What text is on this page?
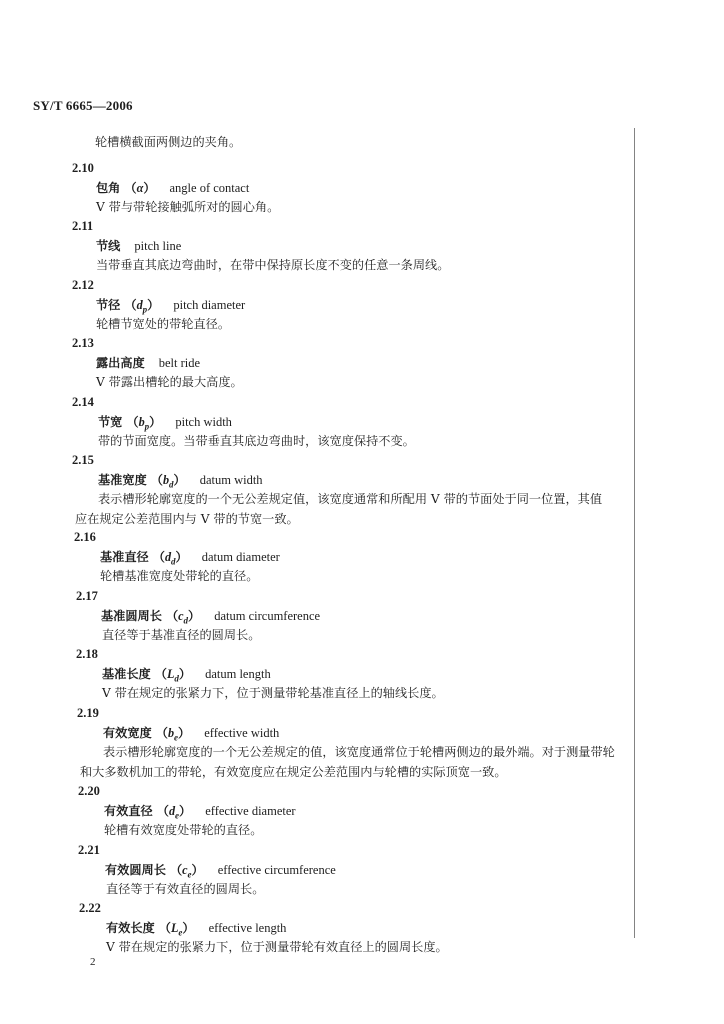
SY/T 6665—2006
轮槽横截面两侧边的夹角。
2.10
包角 （α） angle of contact
V 带与带轮接触弧所对的圆心角。
2.11
节线 pitch line
当带垂直其底边弯曲时，在带中保持原长度不变的任意一条周线。
2.12
节径 $(d_p)$ pitch diameter
轮槽节宽处的带轮直径。
2.13
露出高度 belt ride
V 带露出槽轮的最大高度。
2.14
节宽 $(b_p)$ pitch width
带的节面宽度。当带垂直其底边弯曲时，该宽度保持不变。
2.15
基准宽度 $(b_d)$ datum width
表示槽形轮廓宽度的一个无公差规定值，该宽度通常和所配用 V 带的节面处于同一位置，其值
应在规定公差范围内与 V 带的节宽一致。
2.16
基准直径 $(d_d)$ datum diameter
轮槽基准宽度处带轮的直径。
2.17
基准圆周长 $(c_d)$ datum circumference
直径等于基准直径的圆周长。
2.18
基准长度 $(L_d)$ datum length
V 带在规定的张紧力下，位于测量带轮基准直径上的轴线长度。
2.19
有效宽度 $(b_e)$ effective width
表示槽形轮廓宽度的一个无公差规定的值，该宽度通常位于轮槽两侧边的最外端。对于测量带轮
和大多数机加工的带轮，有效宽度应在规定公差范围内与轮槽的实际顶宽一致。
2.20
有效直径 $(d_e)$ effective diameter
轮槽有效宽度处带轮的直径。
2.21
有效圆周长 $(c_e)$ effective circumference
直径等于有效直径的圆周长。
2.22
有效长度 $(L_e)$ effective length
V 带在规定的张紧力下，位于测量带轮有效直径上的圆周长度。
2
